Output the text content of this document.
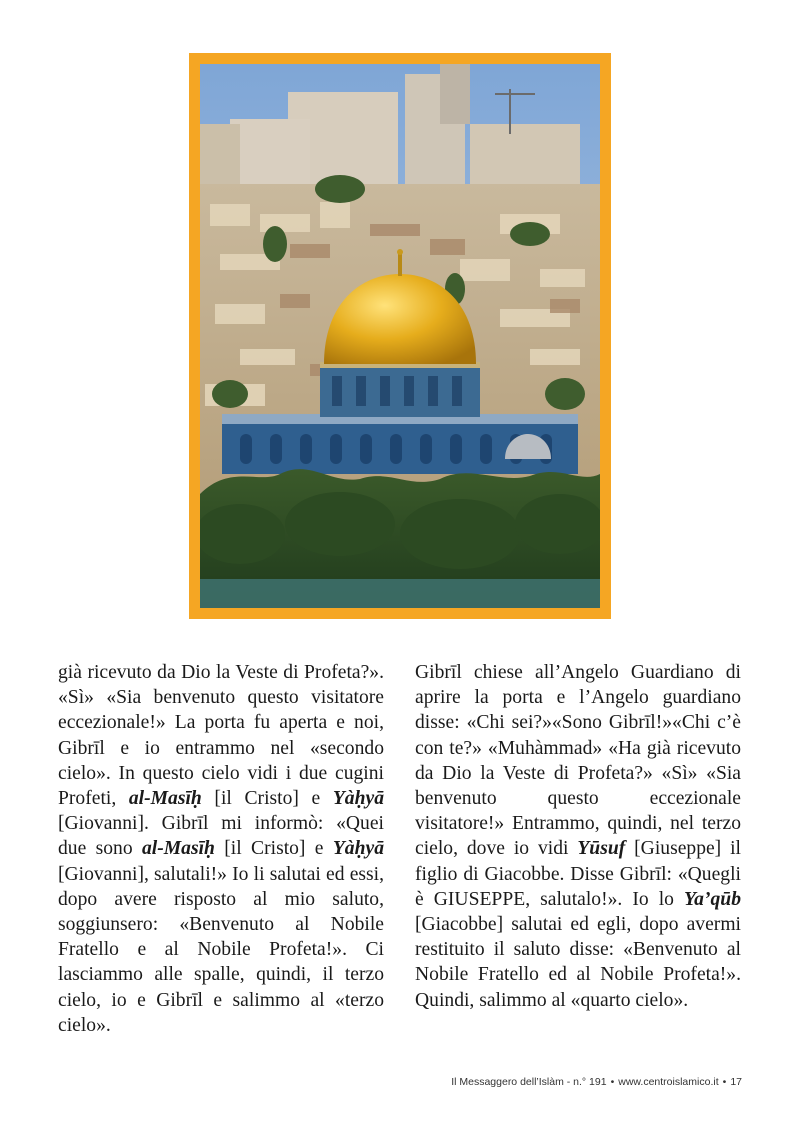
già ricevuto da Dio la Veste di Profeta?». «Sì» «Sia benvenuto questo visitatore eccezionale!» La porta fu aperta e noi, Gibrīl e io entrammo nel «secondo cielo». In questo cielo vidi i due cugini Profeti, al-Masīḥ [il Cristo] e Yàḥyā [Giovanni]. Gibrīl mi informò: «Quei due sono al-Masīḥ [il Cristo] e Yàḥyā [Giovanni], salutali!» Io li salutai ed essi, dopo avere risposto al mio saluto, soggiunsero: «Benvenuto al Nobile Fratello e al Nobile Profeta!». Ci lasciammo alle spalle, quindi, il terzo cielo, io e Gibrīl e salimmo al «terzo cielo».

Gibrīl chiese all’Angelo Guardiano di aprire la porta e l’Angelo guardiano disse: «Chi sei?»«Sono Gibrīl!»«Chi c’è con te?» «Muhàmmad» «Ha già ricevuto da Dio la Veste di Profeta?» «Sì» «Sia benvenuto questo eccezionale visitatore!» Entrammo, quindi, nel terzo cielo, dove io vidi Yūsuf [Giuseppe] il figlio di Giacobbe. Disse Gibrīl: «Quegli è GIUSEPPE, salutalo!». Io lo Ya’qūb [Giacobbe] salutai ed egli, dopo avermi restituito il saluto disse: «Benvenuto al Nobile Fratello ed al Nobile Profeta!». Quindi, salimmo al «quarto cielo».

Il Messaggero dell’Islàm - n.° 191 • www.centroislamico.it • 17
